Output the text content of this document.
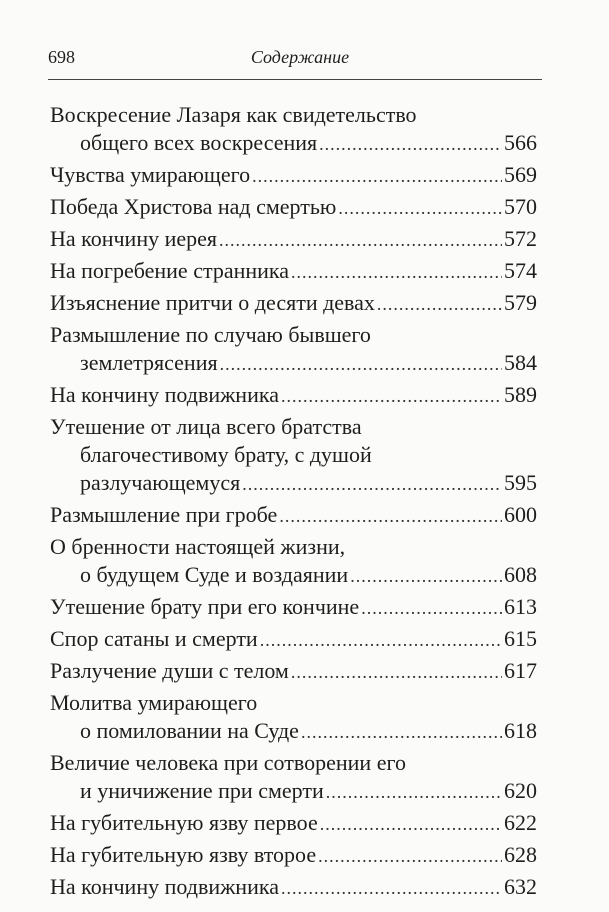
698	Содержание
Воскресение Лазаря как свидетельство
общего всех воскресения .....	566
Чувства умирающего .....	569
Победа Христова над смертью .....	570
На кончину иерея .....	572
На погребение странника .....	574
Изъяснение притчи о десяти девах .....	579
Размышление по случаю бывшего
землетрясения .....	584
На кончину подвижника .....	589
Утешение от лица всего братства
благочестивому брату, с душой
разлучающемуся .....	595
Размышление при гробе .....	600
О бренности настоящей жизни,
о будущем Суде и воздаянии .....	608
Утешение брату при его кончине .....	613
Спор сатаны и смерти .....	615
Разлучение души с телом .....	617
Молитва умирающего
о помиловании на Суде .....	618
Величие человека при сотворении его
и уничижение при смерти .....	620
На губительную язву первое .....	622
На губительную язву второе .....	628
На кончину подвижника .....	632
